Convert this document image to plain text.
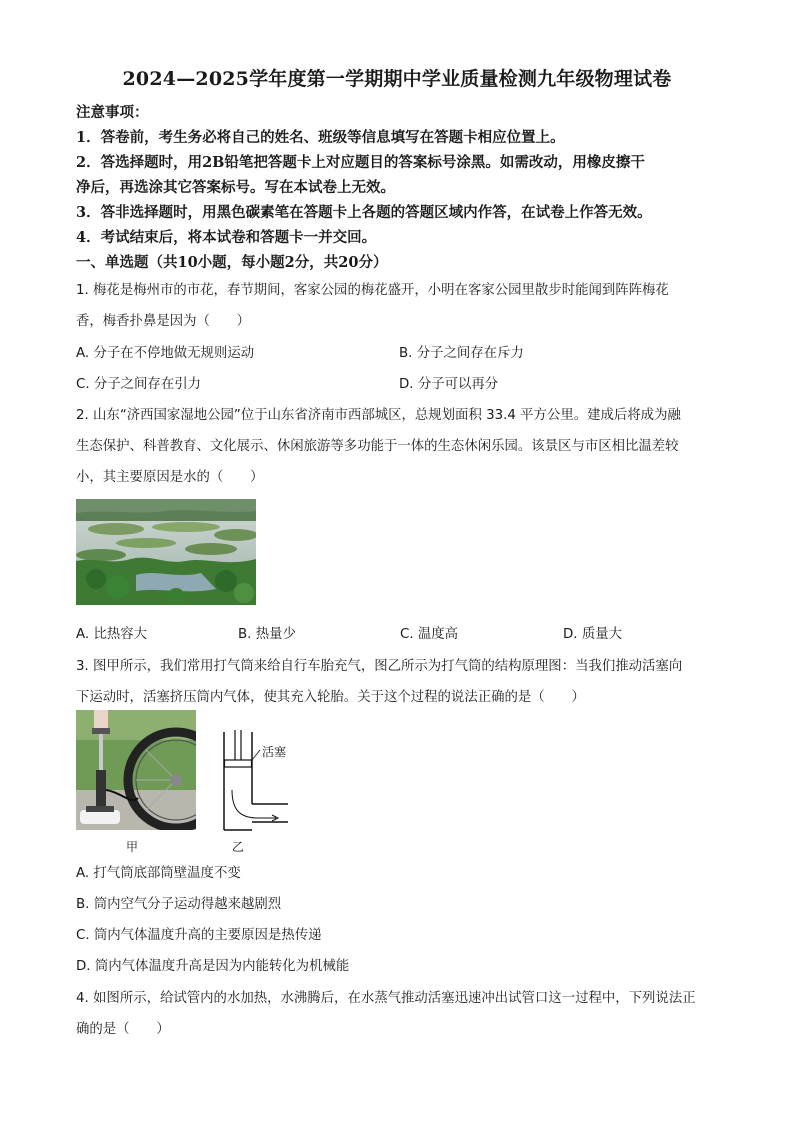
2024—2025学年度第一学期期中学业质量检测九年级物理试卷
注意事项：
1．答卷前，考生务必将自己的姓名、班级等信息填写在答题卡相应位置上。
2．答选择题时，用2B铅笔把答题卡上对应题目的答案标号涂黑。如需改动，用橡皮擦干
净后，再选涂其它答案标号。写在本试卷上无效。
3．答非选择题时，用黑色碳素笔在答题卡上各题的答题区域内作答，在试卷上作答无效。
4．考试结束后，将本试卷和答题卡一并交回。
一、单选题（共10小题，每小题2分，共20分）
1. 梅花是梅州市的市花，春节期间，客家公园的梅花盛开，小明在客家公园里散步时能闻到阵阵梅花
香，梅香扑鼻是因为（　　）
A. 分子在不停地做无规则运动	B. 分子之间存在斥力
C. 分子之间存在引力	D. 分子可以再分
2. 山东“济西国家湿地公园”位于山东省济南市西部城区，总规划面积 33.4 平方公里。建成后将成为融
生态保护、科普教育、文化展示、休闲旅游等多功能于一体的生态休闲乐园。该景区与市区相比温差较
小，其主要原因是水的（　　）
A. 比热容大	B. 热量少	C. 温度高	D. 质量大
3. 图甲所示，我们常用打气筒来给自行车胎充气，图乙所示为打气筒的结构原理图：当我们推动活塞向
下运动时，活塞挤压筒内气体，使其充入轮胎。关于这个过程的说法正确的是（　　）
活塞
甲	乙
A. 打气筒底部筒壁温度不变
B. 筒内空气分子运动得越来越剧烈
C. 筒内气体温度升高的主要原因是热传递
D. 筒内气体温度升高是因为内能转化为机械能
4. 如图所示，给试管内的水加热，水沸腾后，在水蒸气推动活塞迅速冲出试管口这一过程中，下列说法正
确的是（　　）
